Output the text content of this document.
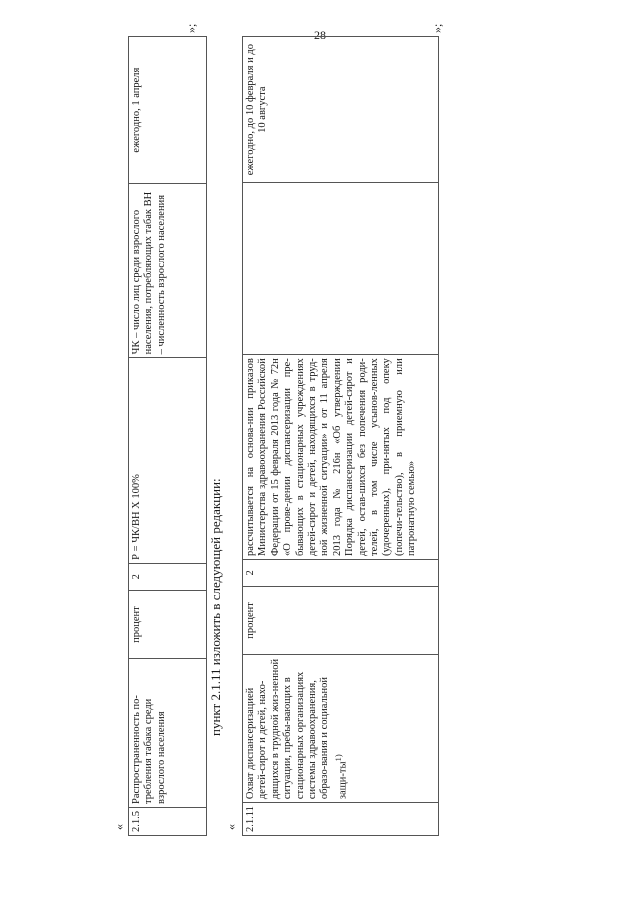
28
« 2.1.5	Распространенность по-требления табака среди взрослого населения	процент	2	Р = ЧК/ВН Х 100%	ЧК – число лиц среди взрослого населения, потребляющих табак ВН – численность взрослого населения	ежегодно, 1 апреля
»;
пункт 2.1.11 изложить в следующей редакции:
« 2.1.11	Охват диспансеризацией детей-сирот и детей, нахо-дящихся в трудной жиз-ненной ситуации, пребы-вающих в стационарных организациях системы здравоохранения, образо-вания и социальной защи-$ты^{1)}$	процент	2	рассчитывается на основа-нии приказов Министерства здравоохранения Российской Федерации от 15 февраля 2013 года № 72н «О прове-дении диспансеризации пре-бывающих в стационарных учреждениях детей-сирот и детей, находящихся в труд-ной жизненной ситуации» и от 11 апреля 2013 года № 216н «Об утверждении Порядка диспансеризации детей-сирот и детей, остав-шихся без попечения роди-телей, в том числе усынов-ленных (удочеренных), при-нятых под опеку (попечи-тельство), в приемную или патронатную семью»		ежегодно, до 10 февраля и до 10 августа
»;
